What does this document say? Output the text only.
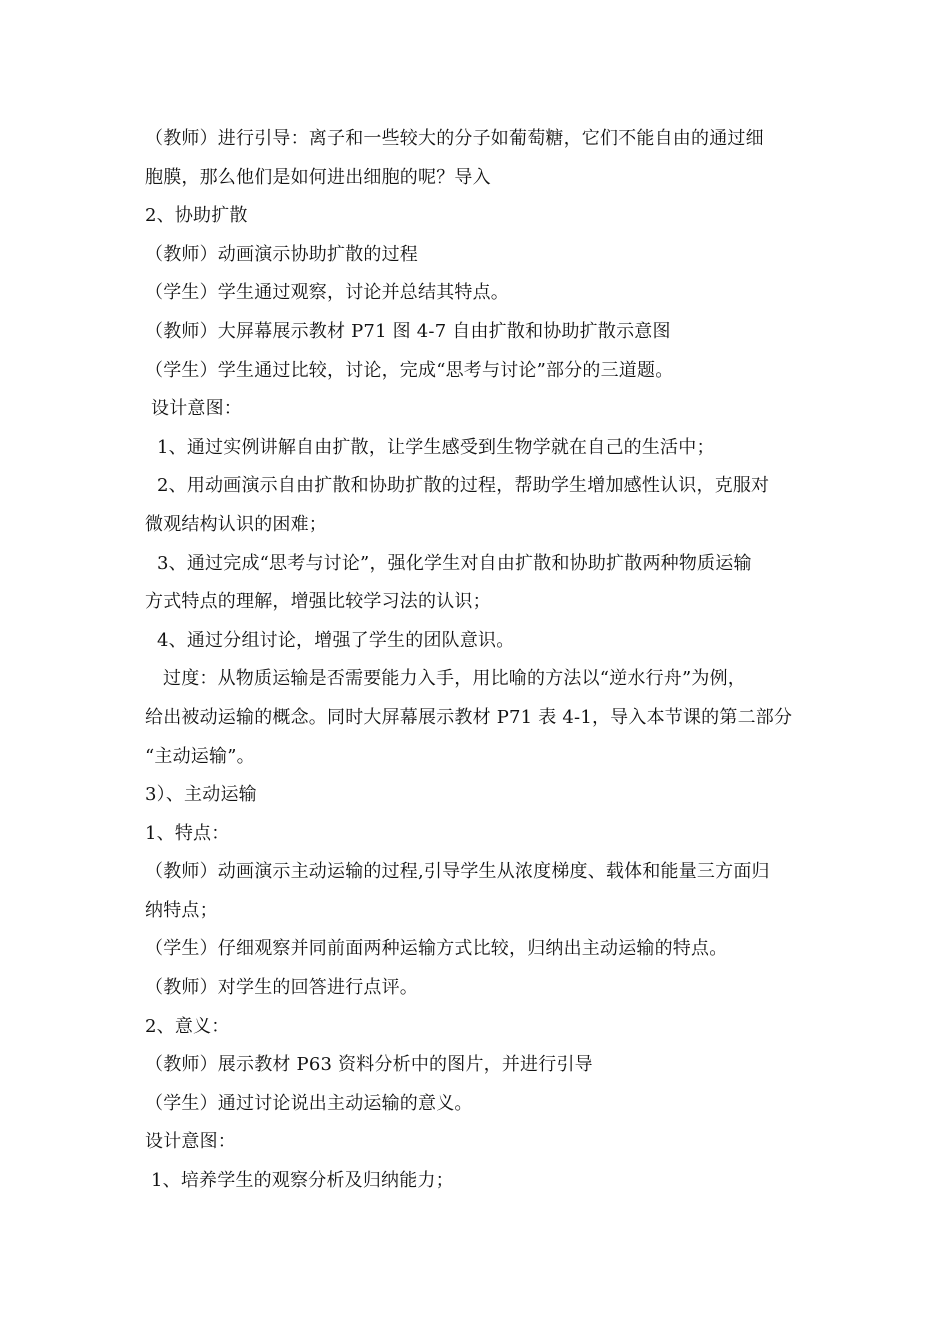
（教师）进行引导：离子和一些较大的分子如葡萄糖，它们不能自由的通过细
胞膜，那么他们是如何进出细胞的呢？导入
2、协助扩散
（教师）动画演示协助扩散的过程
（学生）学生通过观察，讨论并总结其特点。
（教师）大屏幕展示教材 P71 图 4-7 自由扩散和协助扩散示意图
（学生）学生通过比较，讨论，完成“思考与讨论”部分的三道题。
设计意图：
1、通过实例讲解自由扩散，让学生感受到生物学就在自己的生活中；
2、用动画演示自由扩散和协助扩散的过程，帮助学生增加感性认识，克服对
微观结构认识的困难；
3、通过完成“思考与讨论”，强化学生对自由扩散和协助扩散两种物质运输
方式特点的理解，增强比较学习法的认识；
4、通过分组讨论，增强了学生的团队意识。
过度：从物质运输是否需要能力入手，用比喻的方法以“逆水行舟”为例，
给出被动运输的概念。同时大屏幕展示教材 P71 表 4-1，导入本节课的第二部分
“主动运输”。
3）、主动运输
1、特点：
（教师）动画演示主动运输的过程,引导学生从浓度梯度、载体和能量三方面归
纳特点；
（学生）仔细观察并同前面两种运输方式比较，归纳出主动运输的特点。
（教师）对学生的回答进行点评。
2、意义：
（教师）展示教材 P63 资料分析中的图片，并进行引导
（学生）通过讨论说出主动运输的意义。
设计意图：
1、培养学生的观察分析及归纳能力；
